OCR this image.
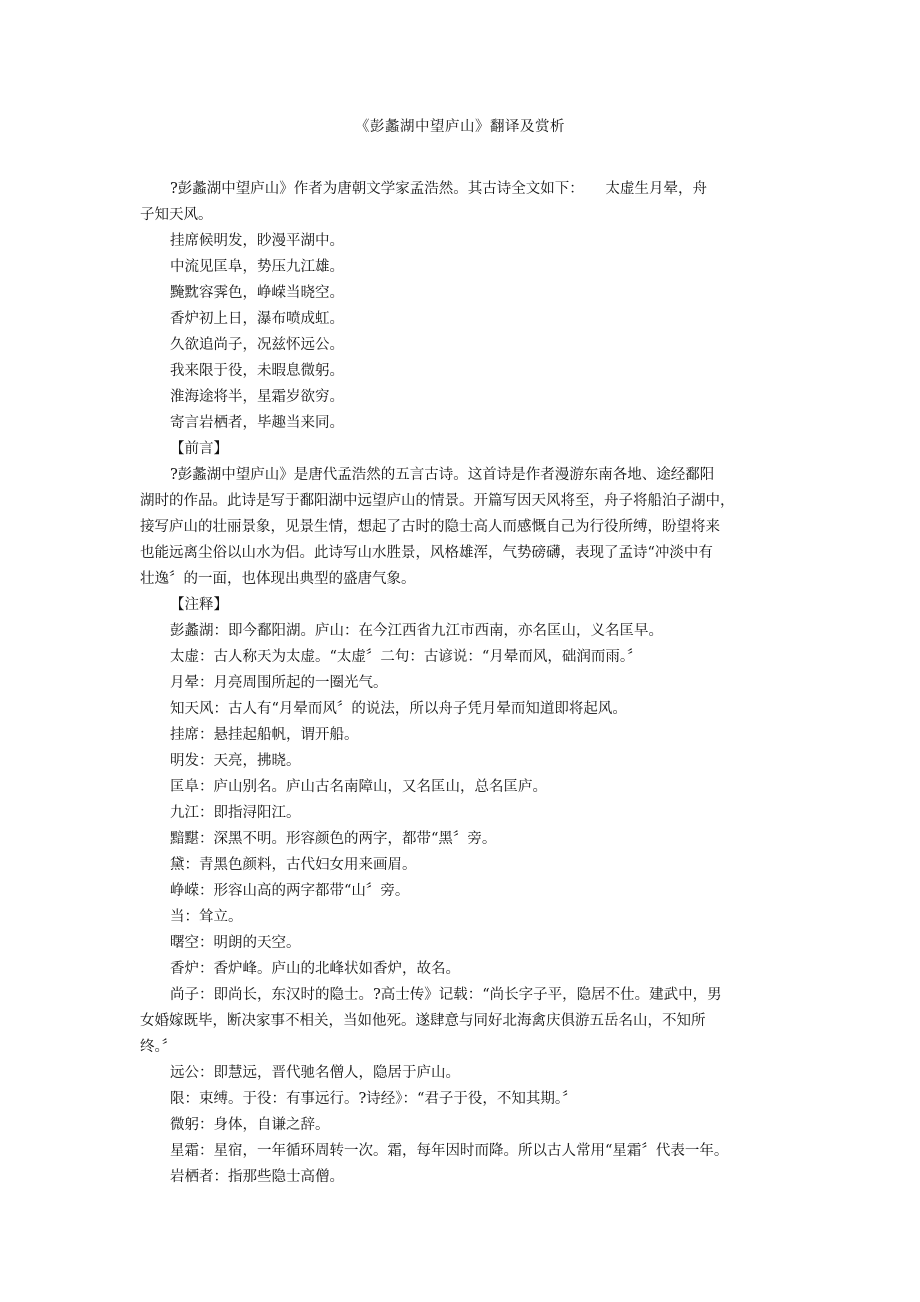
《彭蠡湖中望庐山》翻译及赏析

?彭蠡湖中望庐山》作者为唐朝文学家孟浩然。其古诗全文如下：　　太虚生月晕，舟

子知天风。

挂席候明发，眇漫平湖中。

中流见匡阜，势压九江雄。

黤黕容霁色，峥嵘当晓空。

香炉初上日，瀑布喷成虹。

久欲追尚子，况兹怀远公。

我来限于役，未暇息微躬。

淮海途将半，星霜岁欲穷。

寄言岩栖者，毕趣当来同。

【前言】

?彭蠡湖中望庐山》是唐代孟浩然的五言古诗。这首诗是作者漫游东南各地、途经鄱阳

湖时的作品。此诗是写于鄱阳湖中远望庐山的情景。开篇写因天风将至，舟子将船泊子湖中，

接写庐山的壮丽景象，见景生情，想起了古时的隐士高人而感慨自己为行役所缚，盼望将来

也能远离尘俗以山水为侣。此诗写山水胜景，风格雄浑，气势磅礴，表现了孟诗“冲淡中有

壮逸〞的一面，也体现出典型的盛唐气象。

【注释】

彭蠡湖：即今鄱阳湖。庐山：在今江西省九江市西南，亦名匡山，义名匡早。

太虚：古人称天为太虚。“太虚〞二句：古谚说：“月晕而风，础润而雨。〞

月晕：月亮周围所起的一圈光气。

知天风：古人有“月晕而风〞的说法，所以舟子凭月晕而知道即将起风。

挂席：悬挂起船帆，谓开船。

明发：天亮，拂晓。

匡阜：庐山别名。庐山古名南障山，又名匡山，总名匡庐。

九江：即指浔阳江。

黯黮：深黑不明。形容颜色的两字，都带“黑〞旁。

黛：青黑色颜料，古代妇女用来画眉。

峥嵘：形容山高的两字都带“山〞旁。

当：耸立。

曙空：明朗的天空。

香炉：香炉峰。庐山的北峰状如香炉，故名。

尚子：即尚长，东汉时的隐士。?高士传》记载：“尚长字子平，隐居不仕。建武中，男

女婚嫁既毕，断决家事不相关，当如他死。遂肆意与同好北海禽庆俱游五岳名山，不知所

终。〞

远公：即慧远，晋代驰名僧人，隐居于庐山。

限：束缚。于役：有事远行。?诗经》：“君子于役，不知其期。〞

微躬：身体，自谦之辞。

星霜：星宿，一年循环周转一次。霜，每年因时而降。所以古人常用“星霜〞代表一年。

岩栖者：指那些隐士高僧。
